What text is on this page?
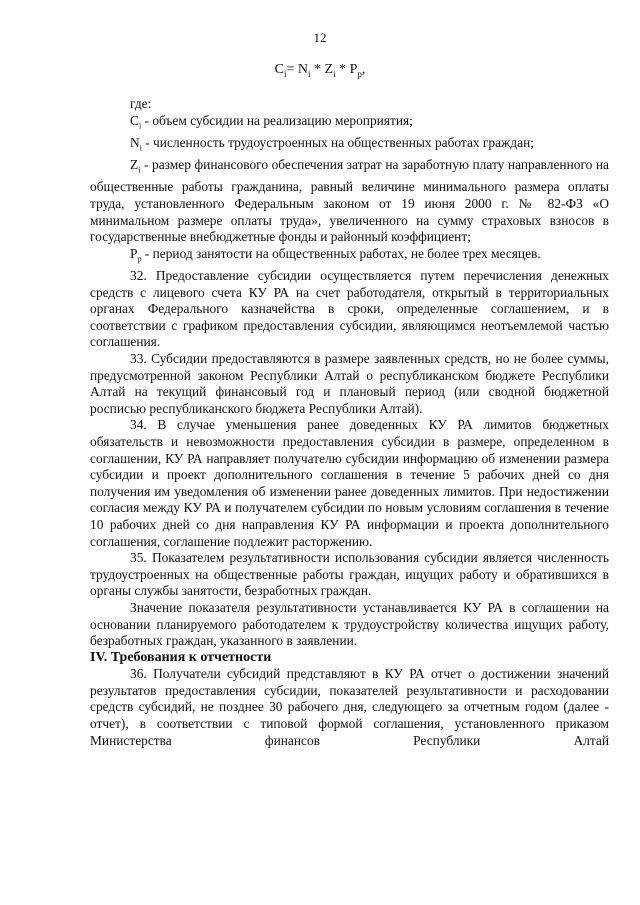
12
$C_i= N_i * Z_i * P_p$,

где:

$C_i$ - объем субсидии на реализацию мероприятия;

$N_i$ - численность трудоустроенных на общественных работах граждан;

$Z_i$ - размер финансового обеспечения затрат на заработную плату направленного на общественные работы гражданина, равный величине минимального размера оплаты труда, установленного Федеральным законом от 19 июня 2000 г. № 82-ФЗ «О минимальном размере оплаты труда», увеличенного на сумму страховых взносов в государственные внебюджетные фонды и районный коэффициент;

$P_p$ - период занятости на общественных работах, не более трех месяцев.

32. Предоставление субсидии осуществляется путем перечисления денежных средств с лицевого счета КУ РА на счет работодателя, открытый в территориальных органах Федерального казначейства в сроки, определенные соглашением, и в соответствии с графиком предоставления субсидии, являющимся неотъемлемой частью соглашения.

33. Субсидии предоставляются в размере заявленных средств, но не более суммы, предусмотренной законом Республики Алтай о республиканском бюджете Республики Алтай на текущий финансовый год и плановый период (или сводной бюджетной росписью республиканского бюджета Республики Алтай).

34. В случае уменьшения ранее доведенных КУ РА лимитов бюджетных обязательств и невозможности предоставления субсидии в размере, определенном в соглашении, КУ РА направляет получателю субсидии информацию об изменении размера субсидии и проект дополнительного соглашения в течение 5 рабочих дней со дня получения им уведомления об изменении ранее доведенных лимитов. При недостижении согласия между КУ РА и получателем субсидии по новым условиям соглашения в течение 10 рабочих дней со дня направления КУ РА информации и проекта дополнительного соглашения, соглашение подлежит расторжению.

35. Показателем результативности использования субсидии является численность трудоустроенных на общественные работы граждан, ищущих работу и обратившихся в органы службы занятости, безработных граждан.

Значение показателя результативности устанавливается КУ РА в соглашении на основании планируемого работодателем к трудоустройству количества ищущих работу, безработных граждан, указанного в заявлении.

IV. Требования к отчетности

36. Получатели субсидий представляют в КУ РА отчет о достижении значений результатов предоставления субсидии, показателей результативности и расходовании средств субсидий, не позднее 30 рабочего дня, следующего за отчетным годом (далее - отчет), в соответствии с типовой формой соглашения, установленного приказом Министерства финансов Республики Алтай
